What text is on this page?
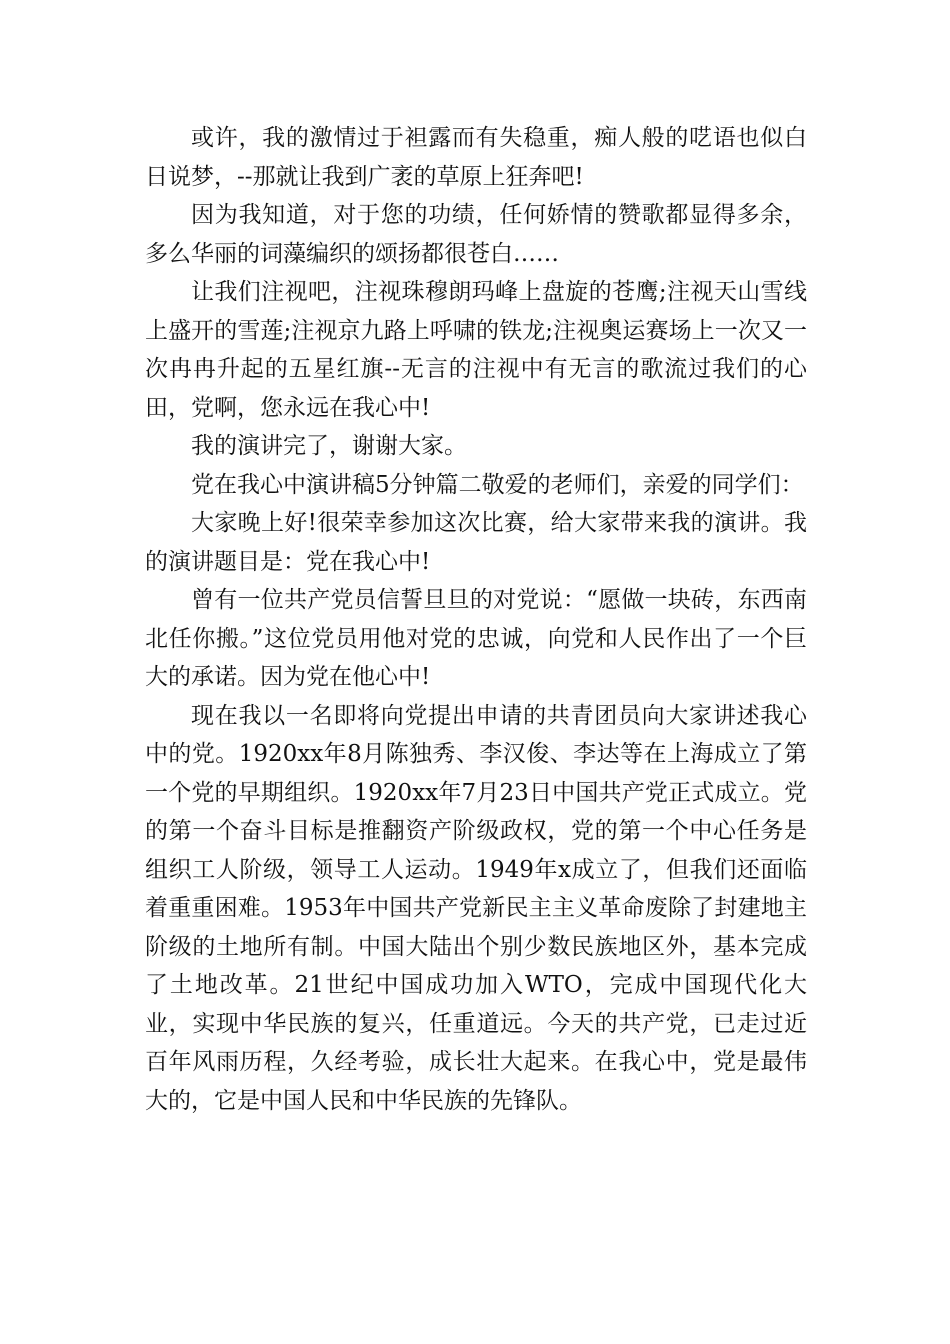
或许，我的激情过于袒露而有失稳重，痴人般的呓语也似白日说梦，--那就让我到广袤的草原上狂奔吧!

因为我知道，对于您的功绩，任何娇情的赞歌都显得多余，多么华丽的词藻编织的颂扬都很苍白……

让我们注视吧，注视珠穆朗玛峰上盘旋的苍鹰;注视天山雪线上盛开的雪莲;注视京九路上呼啸的铁龙;注视奥运赛场上一次又一次冉冉升起的五星红旗--无言的注视中有无言的歌流过我们的心田，党啊，您永远在我心中!

我的演讲完了，谢谢大家。

党在我心中演讲稿5分钟篇二敬爱的老师们，亲爱的同学们：

大家晚上好!很荣幸参加这次比赛，给大家带来我的演讲。我的演讲题目是：党在我心中!

曾有一位共产党员信誓旦旦的对党说：“愿做一块砖，东西南北任你搬。”这位党员用他对党的忠诚，向党和人民作出了一个巨大的承诺。因为党在他心中!

现在我以一名即将向党提出申请的共青团员向大家讲述我心中的党。1920xx年8月陈独秀、李汉俊、李达等在上海成立了第一个党的早期组织。1920xx年7月23日中国共产党正式成立。党的第一个奋斗目标是推翻资产阶级政权，党的第一个中心任务是组织工人阶级，领导工人运动。1949年x成立了，但我们还面临着重重困难。1953年中国共产党新民主主义革命废除了封建地主阶级的土地所有制。中国大陆出个别少数民族地区外，基本完成了土地改革。21世纪中国成功加入WTO，完成中国现代化大业，实现中华民族的复兴，任重道远。今天的共产党，已走过近百年风雨历程，久经考验，成长壮大起来。在我心中，党是最伟大的，它是中国人民和中华民族的先锋队。
